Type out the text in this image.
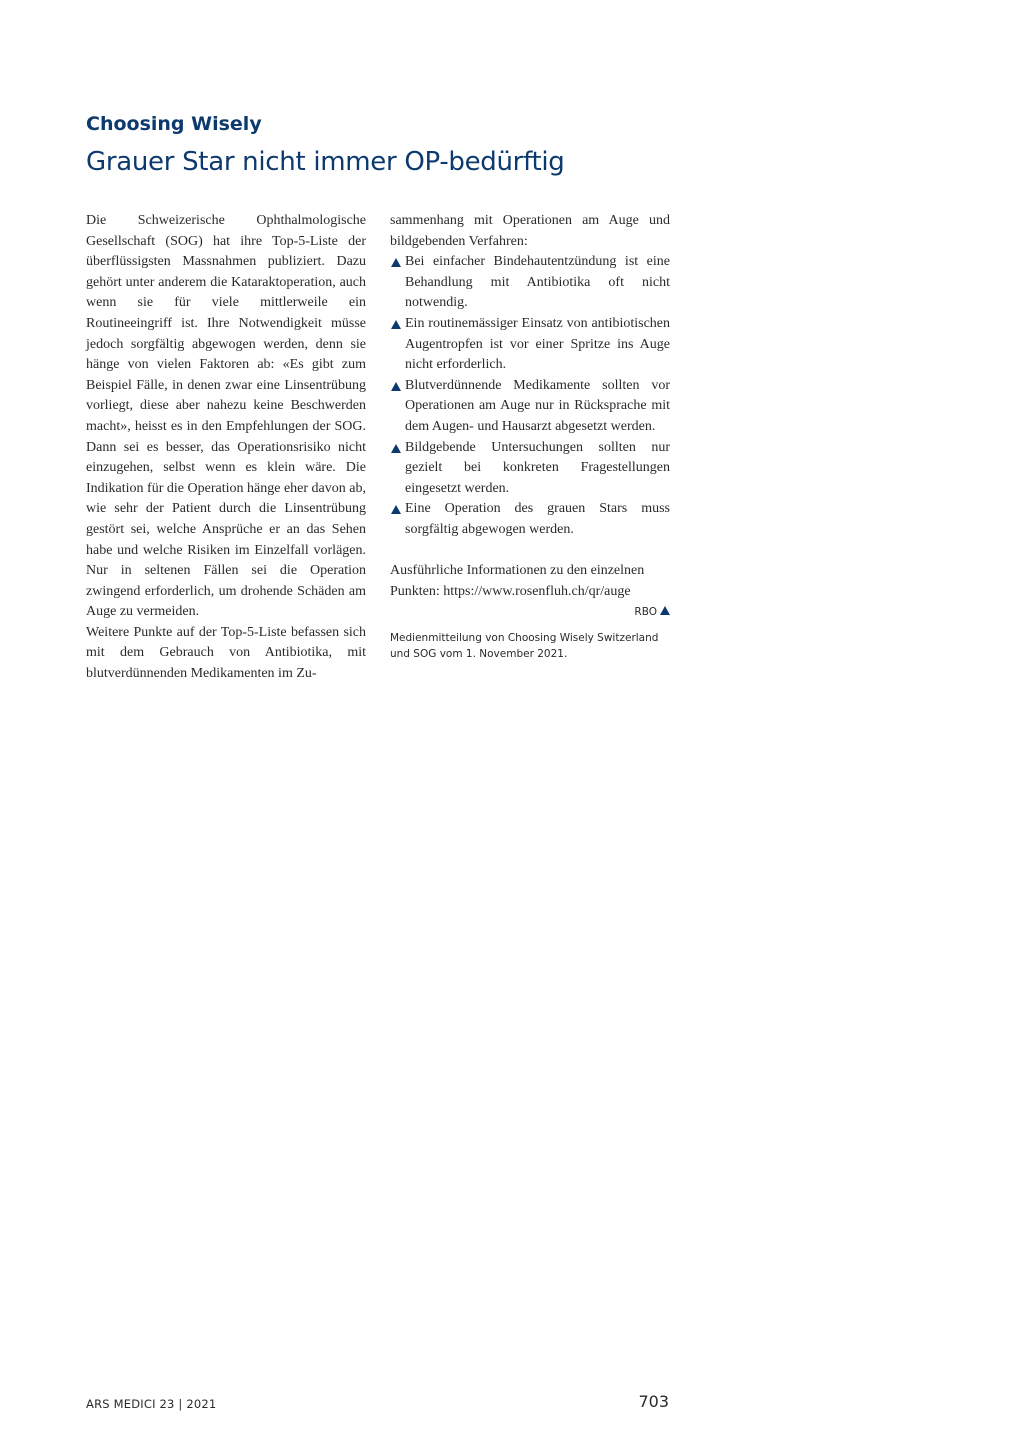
Choosing Wisely
Grauer Star nicht immer OP-bedürftig

Die Schweizerische Ophthalmologische Gesellschaft (SOG) hat ihre Top-5-Liste der überflüssigsten Massnahmen publiziert. Dazu gehört unter anderem die Kataraktoperation, auch wenn sie für viele mittlerweile ein Routineeingriff ist. Ihre Notwendigkeit müsse jedoch sorgfältig abgewogen werden, denn sie hänge von vielen Faktoren ab: «Es gibt zum Beispiel Fälle, in denen zwar eine Linsentrübung vorliegt, diese aber nahezu keine Beschwerden macht», heisst es in den Empfehlungen der SOG. Dann sei es besser, das Operationsrisiko nicht einzugehen, selbst wenn es klein wäre. Die Indikation für die Operation hänge eher davon ab, wie sehr der Patient durch die Linsentrübung gestört sei, welche Ansprüche er an das Sehen habe und welche Risiken im Einzelfall vorlägen. Nur in seltenen Fällen sei die Operation zwingend erforderlich, um drohende Schäden am Auge zu vermeiden.

Weitere Punkte auf der Top-5-Liste befassen sich mit dem Gebrauch von Antibiotika, mit blutverdünnenden Medikamenten im Zu-

sammenhang mit Operationen am Auge und bildgebenden Verfahren:

Bei einfacher Bindehautentzündung ist eine Behandlung mit Antibiotika oft nicht notwendig.
Ein routinemässiger Einsatz von antibiotischen Augentropfen ist vor einer Spritze ins Auge nicht erforderlich.
Blutverdünnende Medikamente sollten vor Operationen am Auge nur in Rücksprache mit dem Augen- und Hausarzt abgesetzt werden.
Bildgebende Untersuchungen sollten nur gezielt bei konkreten Fragestellungen eingesetzt werden.
Eine Operation des grauen Stars muss sorgfältig abgewogen werden.

Ausführliche Informationen zu den einzelnen Punkten: https://www.rosenfluh.ch/qr/auge

RBO

Medienmitteilung von Choosing Wisely Switzerland und SOG vom 1. November 2021.

ARS MEDICI 23 | 2021	703
